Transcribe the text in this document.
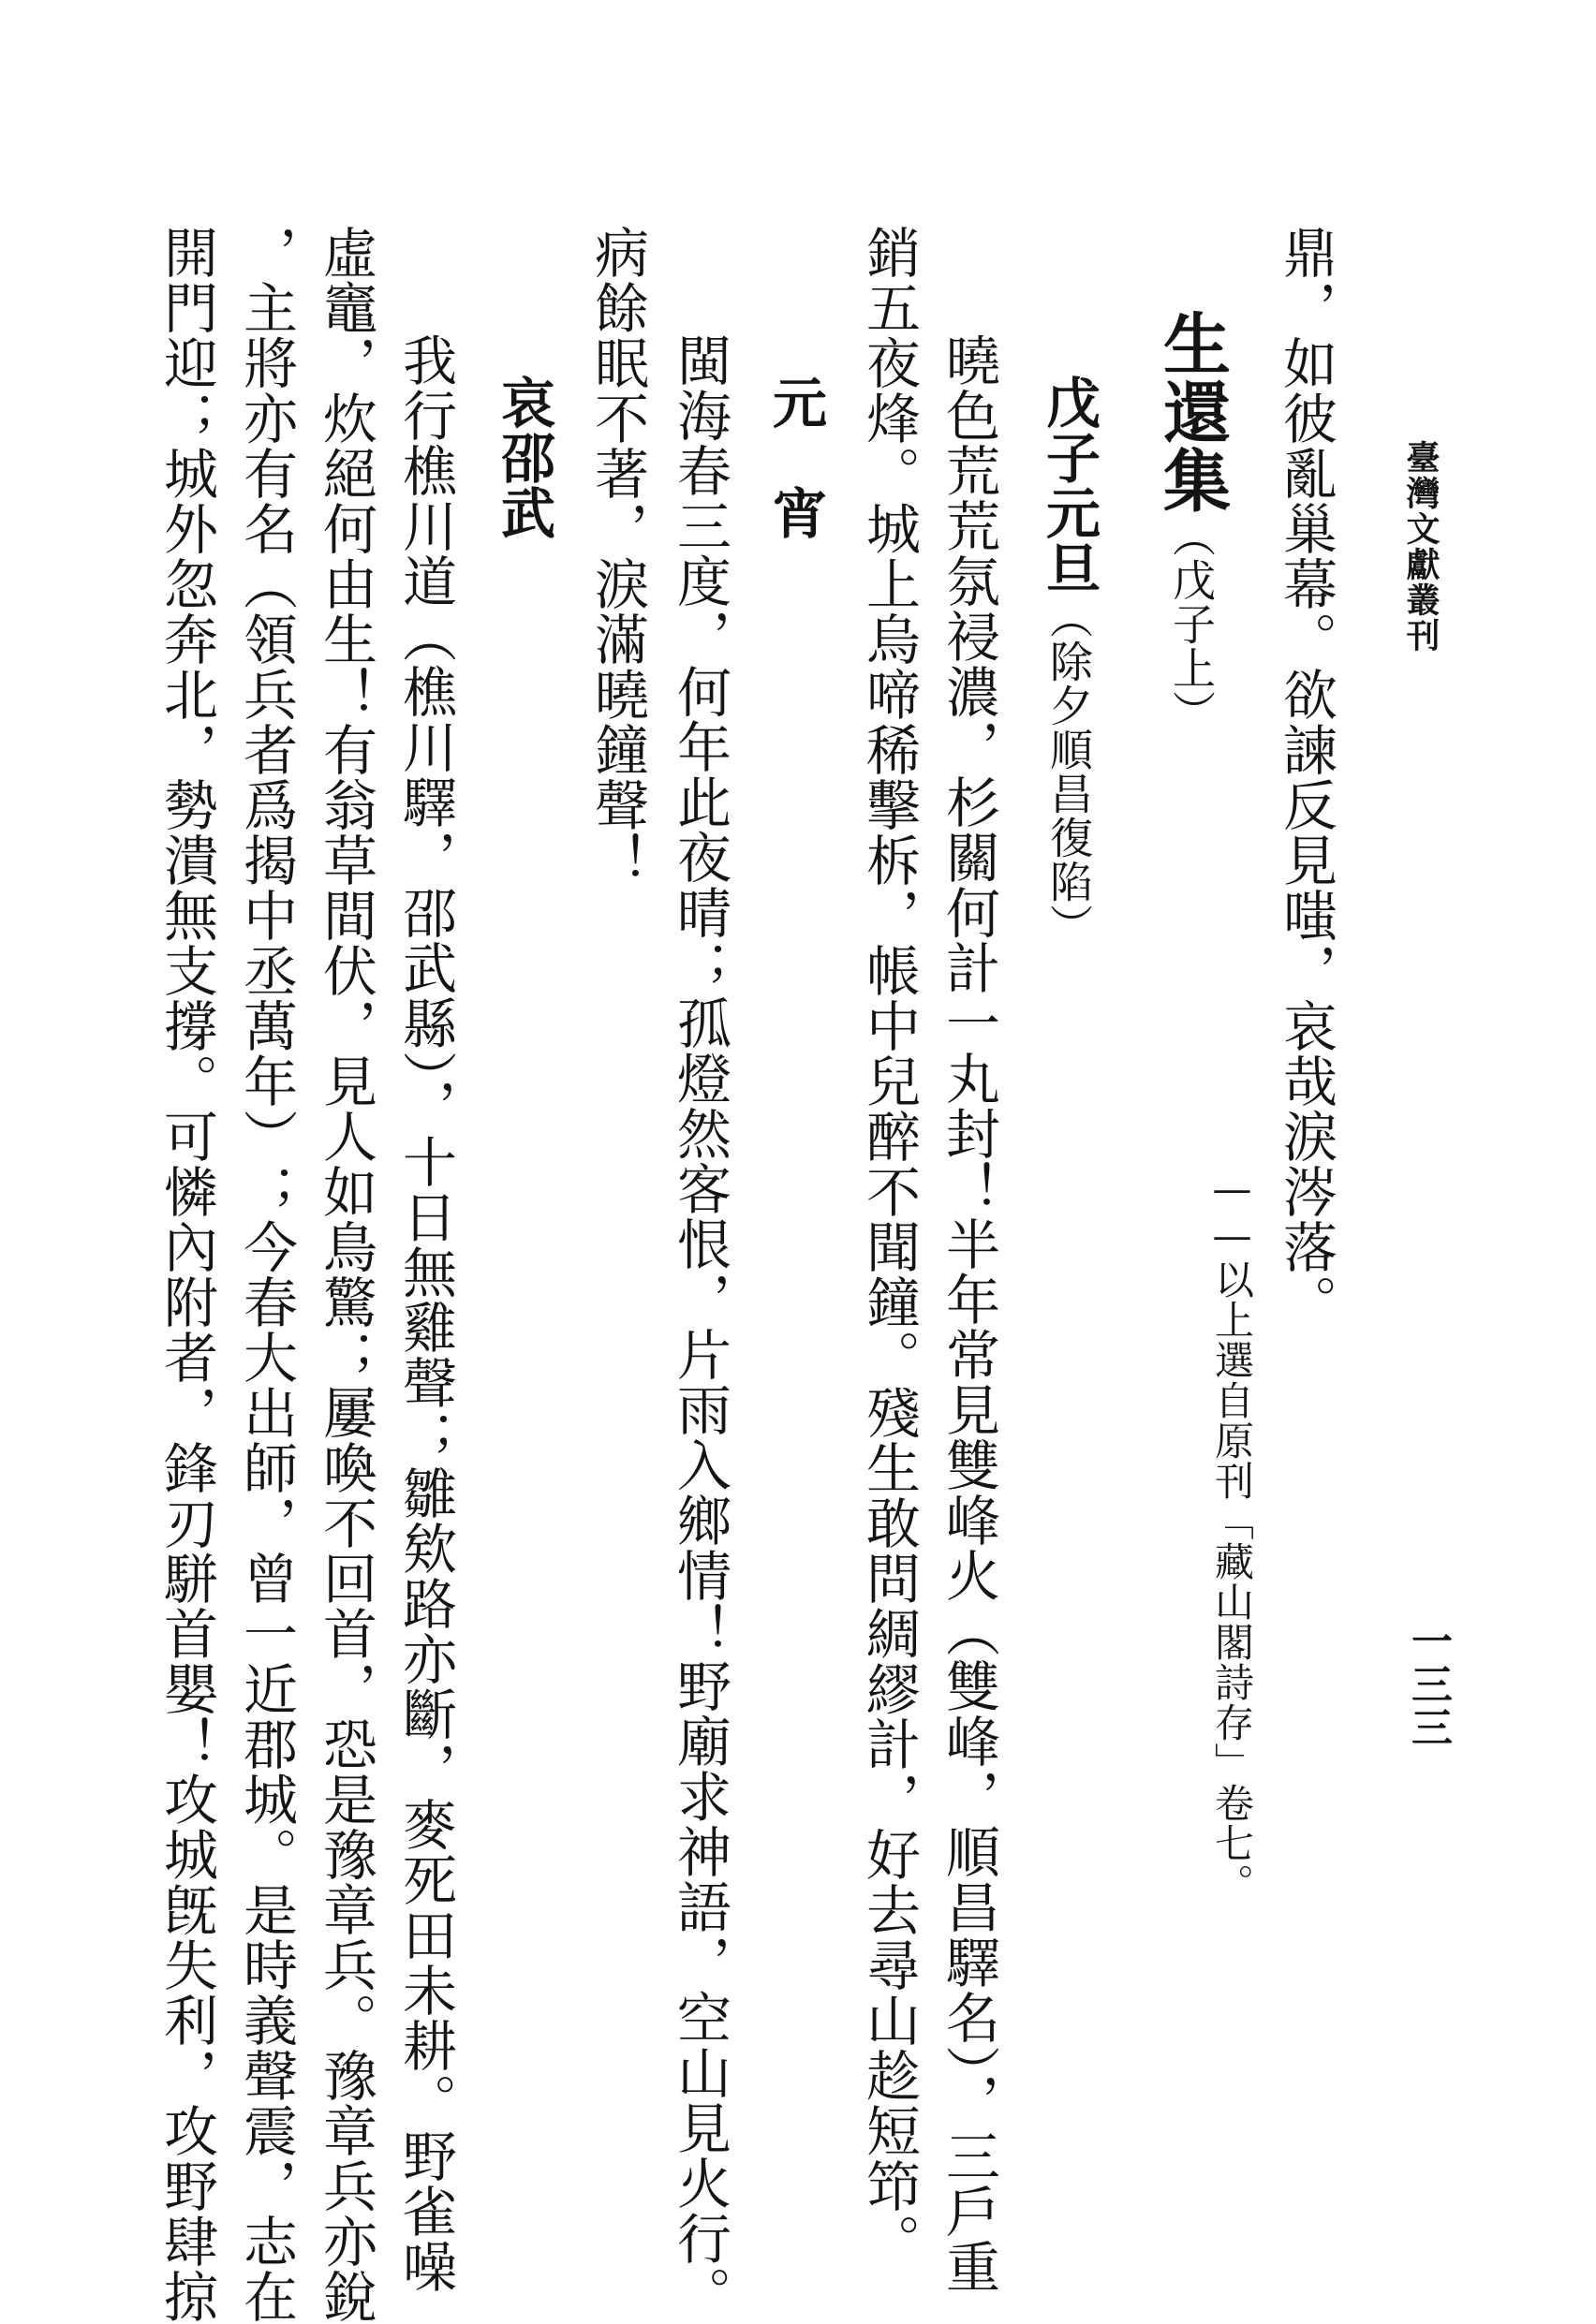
臺灣文獻叢刊
一三三
鼎，如彼亂巢幕。欲諫反見嗤，哀哉淚涔落。
——以上選自原刊「藏山閣詩存」卷七。
生還集（戊子上）
戊子元旦（除夕順昌復陷）
曉色荒荒氛祲濃，杉關何計一丸封！半年常見雙峰火（雙峰，順昌驛名），三戶重
銷五夜烽。城上烏啼稀擊柝，帳中兒醉不聞鐘。殘生敢問綢繆計，好去尋山趁短笻。
元　宵
閩海春三度，何年此夜晴；孤燈然客恨，片雨入鄉情！野廟求神語，空山見火行。
病餘眠不著，淚滿曉鐘聲！
哀邵武
我行樵川道（樵川驛，邵武縣），十日無雞聲；雛欸路亦斷，麥死田未耕。野雀噪
虛竈，炊絕何由生！有翁草間伏，見人如鳥驚；屢喚不回首，恐是豫章兵。豫章兵亦銳
，主將亦有名（領兵者爲揭中丞萬年）；今春大出師，曾一近郡城。是時義聲震，志在
開門迎；城外忽奔北，勢潰無支撐。可憐內附者，鋒刃駢首嬰！攻城旣失利，攻野肆掠
